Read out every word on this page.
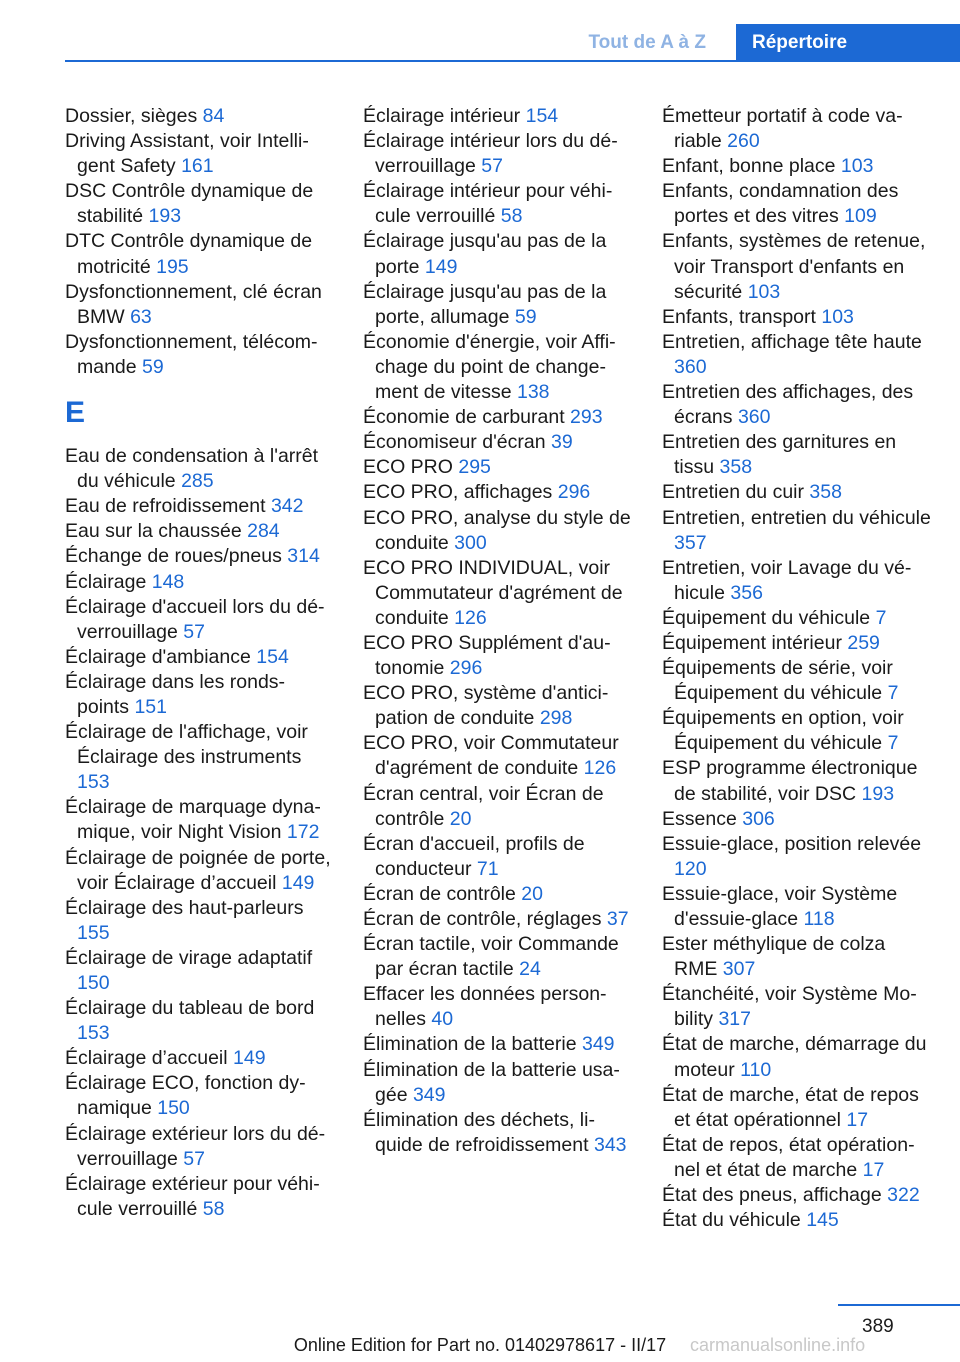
Tout de A à Z	Répertoire
Dossier, sièges 84
Driving Assistant, voir Intelligent Safety 161
DSC Contrôle dynamique de stabilité 193
DTC Contrôle dynamique de motricité 195
Dysfonctionnement, clé écran BMW 63
Dysfonctionnement, télécommande 59
E
Eau de condensation à l'arrêt du véhicule 285
Eau de refroidissement 342
Eau sur la chaussée 284
Échange de roues/pneus 314
Éclairage 148
Éclairage d'accueil lors du déverrouillage 57
Éclairage d'ambiance 154
Éclairage dans les ronds-points 151
Éclairage de l'affichage, voir Éclairage des instruments 153
Éclairage de marquage dynamique, voir Night Vision 172
Éclairage de poignée de porte, voir Éclairage d’accueil 149
Éclairage des haut-parleurs 155
Éclairage de virage adaptatif 150
Éclairage du tableau de bord 153
Éclairage d’accueil 149
Éclairage ECO, fonction dynamique 150
Éclairage extérieur lors du déverrouillage 57
Éclairage extérieur pour véhicule verrouillé 58
Éclairage intérieur 154
Éclairage intérieur lors du déverrouillage 57
Éclairage intérieur pour véhicule verrouillé 58
Éclairage jusqu'au pas de la porte 149
Éclairage jusqu'au pas de la porte, allumage 59
Économie d'énergie, voir Affichage du point de changement de vitesse 138
Économie de carburant 293
Économiseur d'écran 39
ECO PRO 295
ECO PRO, affichages 296
ECO PRO, analyse du style de conduite 300
ECO PRO INDIVIDUAL, voir Commutateur d'agrément de conduite 126
ECO PRO Supplément d'autonomie 296
ECO PRO, système d'anticipation de conduite 298
ECO PRO, voir Commutateur d'agrément de conduite 126
Écran central, voir Écran de contrôle 20
Écran d'accueil, profils de conducteur 71
Écran de contrôle 20
Écran de contrôle, réglages 37
Écran tactile, voir Commande par écran tactile 24
Effacer les données personnelles 40
Élimination de la batterie 349
Élimination de la batterie usagée 349
Élimination des déchets, liquide de refroidissement 343
Émetteur portatif à code variable 260
Enfant, bonne place 103
Enfants, condamnation des portes et des vitres 109
Enfants, systèmes de retenue, voir Transport d'enfants en sécurité 103
Enfants, transport 103
Entretien, affichage tête haute 360
Entretien des affichages, des écrans 360
Entretien des garnitures en tissu 358
Entretien du cuir 358
Entretien, entretien du véhicule 357
Entretien, voir Lavage du véhicule 356
Équipement du véhicule 7
Équipement intérieur 259
Équipements de série, voir Équipement du véhicule 7
Équipements en option, voir Équipement du véhicule 7
ESP programme électronique de stabilité, voir DSC 193
Essence 306
Essuie-glace, position relevée 120
Essuie-glace, voir Système d'essuie-glace 118
Ester méthylique de colza RME 307
Étanchéité, voir Système Mobility 317
État de marche, démarrage du moteur 110
État de marche, état de repos et état opérationnel 17
État de repos, état opérationnel et état de marche 17
État des pneus, affichage 322
État du véhicule 145
389
Online Edition for Part no. 01402978617 - II/17	carmanualsonline.info
